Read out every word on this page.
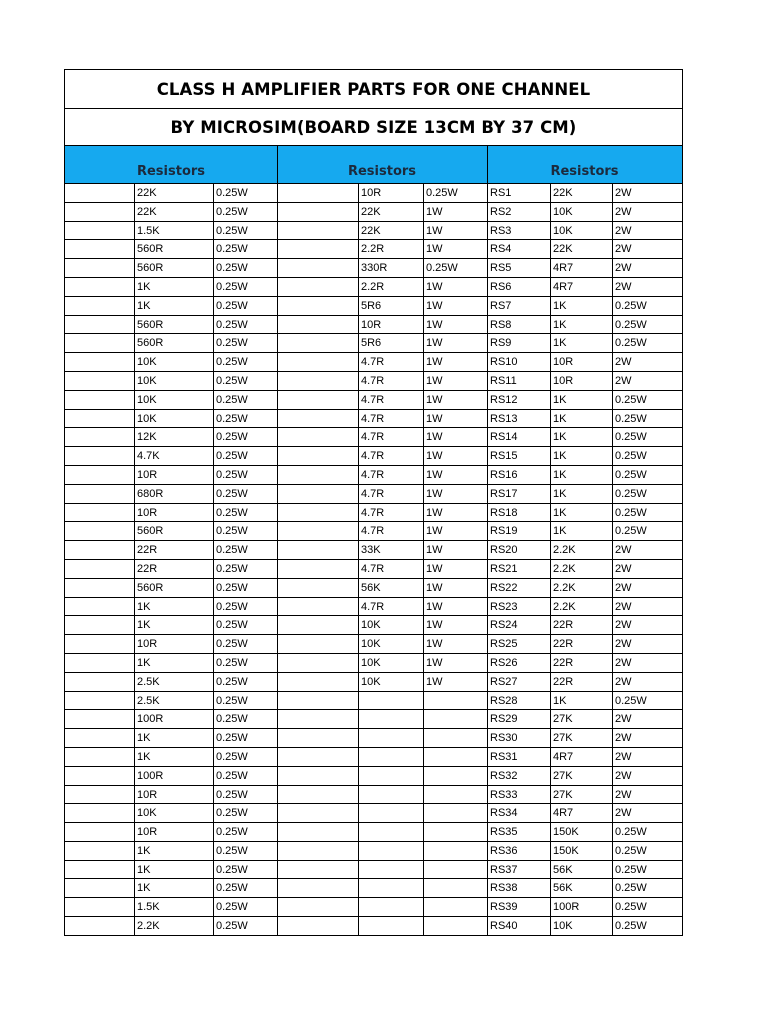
CLASS H AMPLIFIER PARTS FOR ONE CHANNEL
BY MICROSIM(BOARD SIZE 13CM BY 37 CM)
Resistors	Resistors	Resistors
22K	0.25W	10R	0.25W	RS1	22K	2W
22K	0.25W	22K	1W	RS2	10K	2W
1.5K	0.25W	22K	1W	RS3	10K	2W
560R	0.25W	2.2R	1W	RS4	22K	2W
560R	0.25W	330R	0.25W	RS5	4R7	2W
1K	0.25W	2.2R	1W	RS6	4R7	2W
1K	0.25W	5R6	1W	RS7	1K	0.25W
560R	0.25W	10R	1W	RS8	1K	0.25W
560R	0.25W	5R6	1W	RS9	1K	0.25W
10K	0.25W	4.7R	1W	RS10	10R	2W
10K	0.25W	4.7R	1W	RS11	10R	2W
10K	0.25W	4.7R	1W	RS12	1K	0.25W
10K	0.25W	4.7R	1W	RS13	1K	0.25W
12K	0.25W	4.7R	1W	RS14	1K	0.25W
4.7K	0.25W	4.7R	1W	RS15	1K	0.25W
10R	0.25W	4.7R	1W	RS16	1K	0.25W
680R	0.25W	4.7R	1W	RS17	1K	0.25W
10R	0.25W	4.7R	1W	RS18	1K	0.25W
560R	0.25W	4.7R	1W	RS19	1K	0.25W
22R	0.25W	33K	1W	RS20	2.2K	2W
22R	0.25W	4.7R	1W	RS21	2.2K	2W
560R	0.25W	56K	1W	RS22	2.2K	2W
1K	0.25W	4.7R	1W	RS23	2.2K	2W
1K	0.25W	10K	1W	RS24	22R	2W
10R	0.25W	10K	1W	RS25	22R	2W
1K	0.25W	10K	1W	RS26	22R	2W
2.5K	0.25W	10K	1W	RS27	22R	2W
2.5K	0.25W	RS28	1K	0.25W
100R	0.25W	RS29	27K	2W
1K	0.25W	RS30	27K	2W
1K	0.25W	RS31	4R7	2W
100R	0.25W	RS32	27K	2W
10R	0.25W	RS33	27K	2W
10K	0.25W	RS34	4R7	2W
10R	0.25W	RS35	150K	0.25W
1K	0.25W	RS36	150K	0.25W
1K	0.25W	RS37	56K	0.25W
1K	0.25W	RS38	56K	0.25W
1.5K	0.25W	RS39	100R	0.25W
2.2K	0.25W	RS40	10K	0.25W
